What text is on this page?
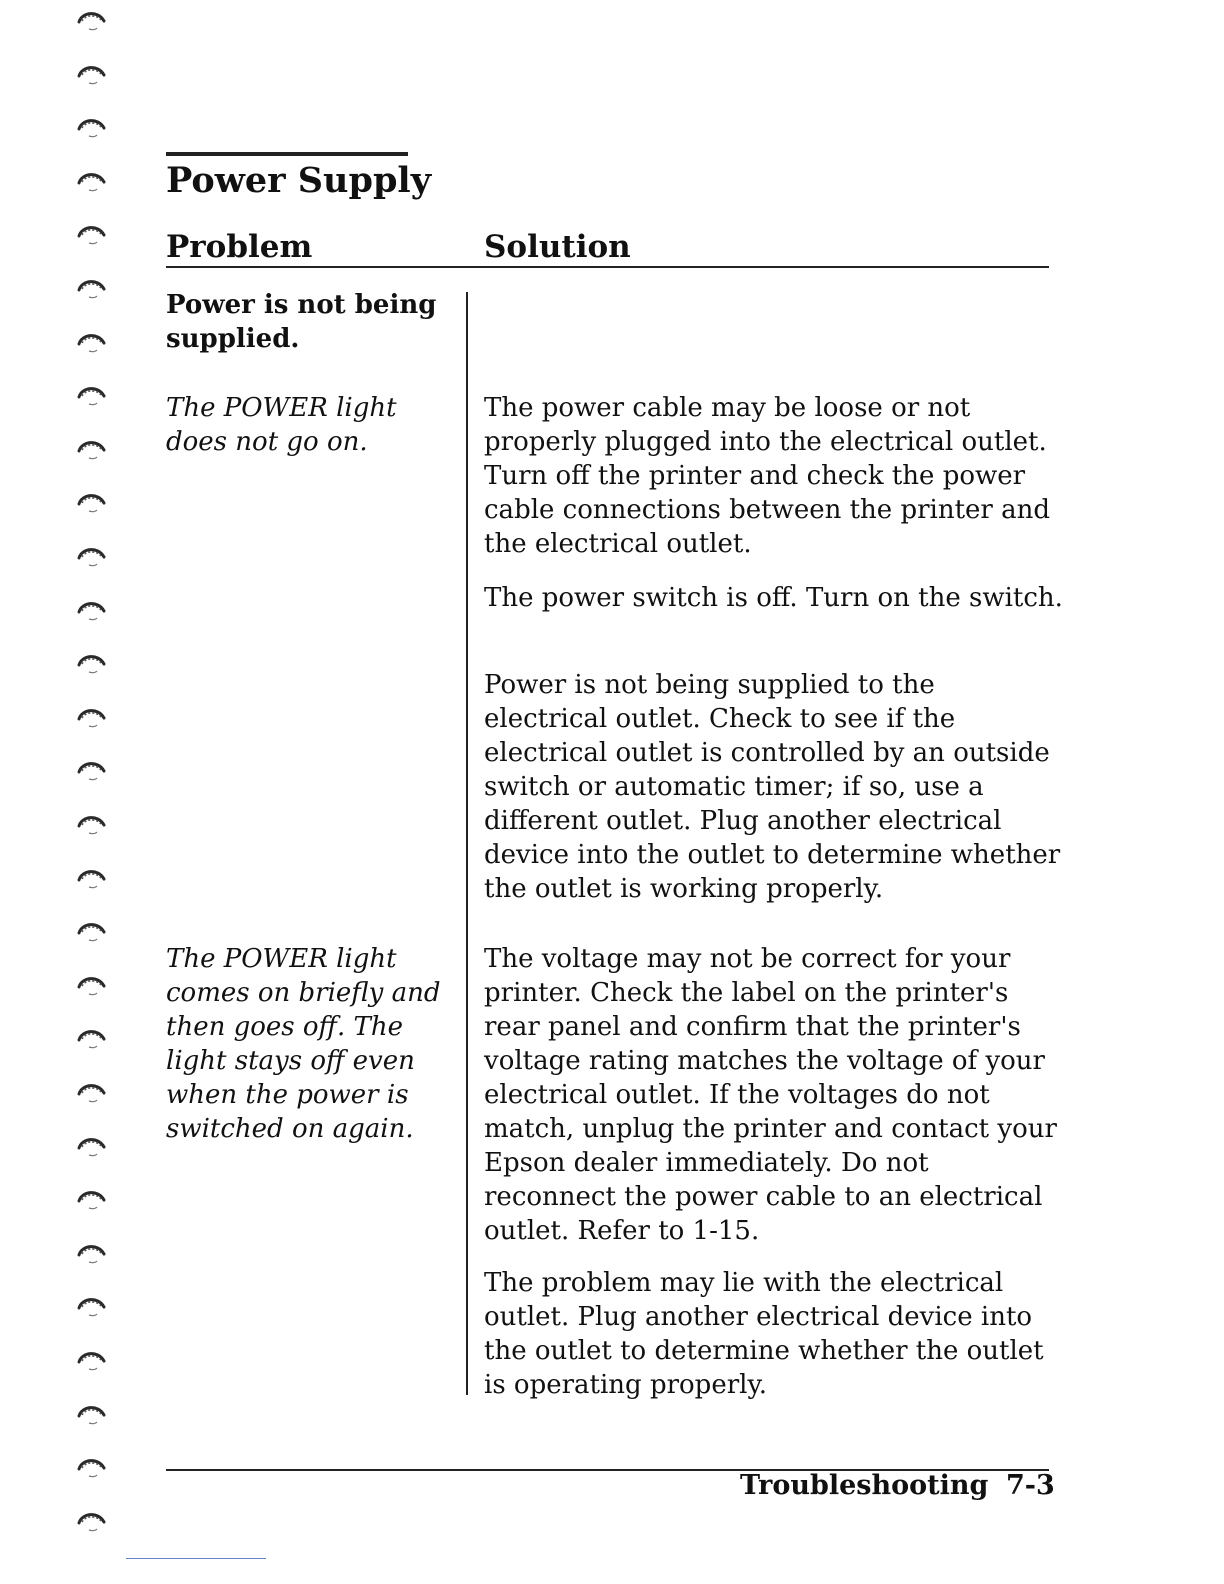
Power Supply
Problem	Solution

Power is not being
supplied.

The POWER light
does not go on.

The power cable may be loose or not properly plugged into the electrical outlet. Turn off the printer and check the power cable connections between the printer and the electrical outlet.

The power switch is off. Turn on the switch.

Power is not being supplied to the electrical outlet. Check to see if the electrical outlet is controlled by an outside switch or automatic timer; if so, use a different outlet. Plug another electrical device into the outlet to determine whether the outlet is working properly.

The POWER light
comes on briefly and
then goes off. The
light stays off even
when the power is
switched on again.

The voltage may not be correct for your printer. Check the label on the printer's rear panel and confirm that the printer's voltage rating matches the voltage of your electrical outlet. If the voltages do not match, unplug the printer and contact your Epson dealer immediately. Do not reconnect the power cable to an electrical outlet. Refer to 1-15.

The problem may lie with the electrical outlet. Plug another electrical device into the outlet to determine whether the outlet is operating properly.

Troubleshooting 7-3
